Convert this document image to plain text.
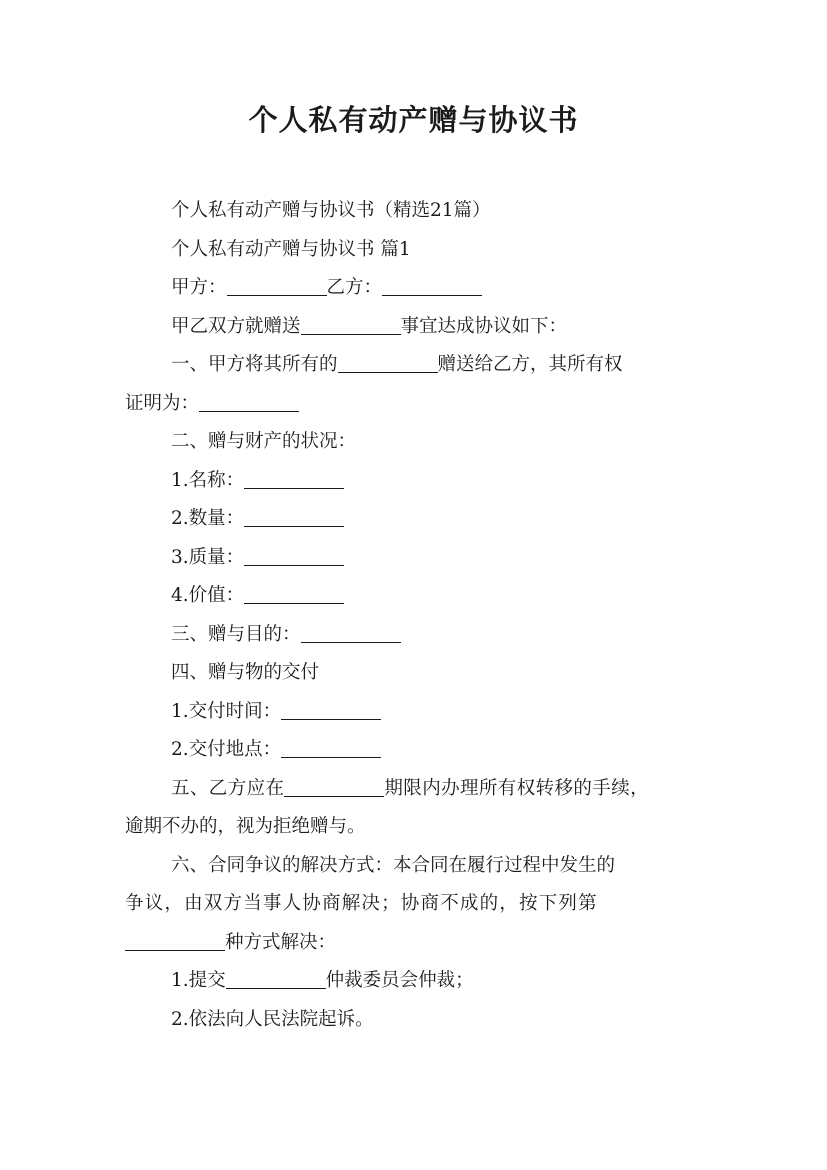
个人私有动产赠与协议书

个人私有动产赠与协议书（精选21篇）

个人私有动产赠与协议书 篇1

甲方：	乙方：

甲乙双方就赠送	事宜达成协议如下：

一、甲方将其所有的	赠送给乙方，其所有权

证明为：

二、赠与财产的状况：

1.名称：

2.数量：

3.质量：

4.价值：

三、赠与目的：

四、赠与物的交付

1.交付时间：

2.交付地点：

五、乙方应在	期限内办理所有权转移的手续，

逾期不办的，视为拒绝赠与。

六、合同争议的解决方式：本合同在履行过程中发生的

争议，由双方当事人协商解决；协商不成的，按下列第

种方式解决：

1.提交	仲裁委员会仲裁；

2.依法向人民法院起诉。
